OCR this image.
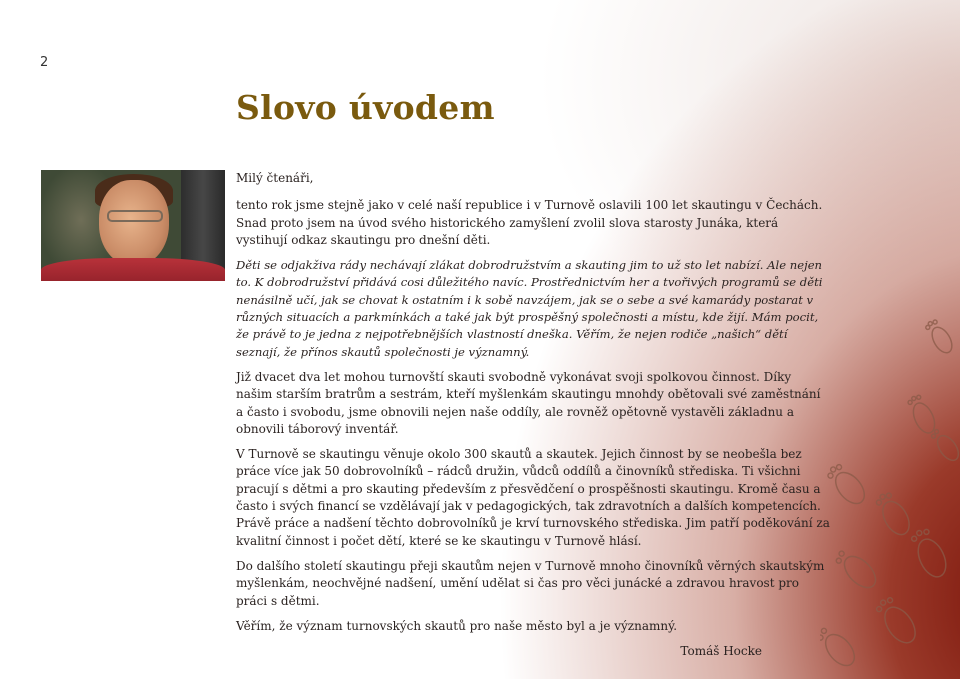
2
Slovo úvodem

Milý čtenáři,

tento rok jsme stejně jako v celé naší republice i v Turnově oslavili 100 let skautingu v Čechách. Snad proto jsem na úvod svého historického zamyšlení zvolil slova starosty Junáka, která vystihují odkaz skautingu pro dnešní děti.

Děti se odjakživa rády nechávají zlákat dobrodružstvím a skauting jim to už sto let nabízí. Ale nejen to. K dobrodružství přidává cosi důležitého navíc. Prostřednictvím her a tvořivých programů se děti nenásilně učí, jak se chovat k ostatním i k sobě navzájem, jak se o sebe a své kamarády postarat v různých situacích a parkmínkách a také jak být prospěšný společnosti a místu, kde žijí. Mám pocit, že právě to je jedna z nejpotřebnějších vlastností dneška. Věřím, že nejen rodiče „našich“ dětí seznají, že přínos skautů společnosti je významný.

Již dvacet dva let mohou turnovští skauti svobodně vykonávat svoji spolkovou činnost. Díky našim starším bratrům a sestrám, kteří myšlenkám skautingu mnohdy obětovali své zaměstnání a často i svobodu, jsme obnovili nejen naše oddíly, ale rovněž opětovně vystavěli základnu a obnovili táborový inventář.

V Turnově se skautingu věnuje okolo 300 skautů a skautek. Jejich činnost by se neobešla bez práce více jak 50 dobrovolníků – rádců družin, vůdců oddílů a činovníků střediska. Ti všichni pracují s dětmi a pro skauting především z přesvědčení o prospěšnosti skautingu. Kromě času a často i svých financí se vzdělávají jak v pedagogických, tak zdravotních a dalších kompetencích. Právě práce a nadšení těchto dobrovolníků je krví turnovského střediska. Jim patří poděkování za kvalitní činnost i počet dětí, které se ke skautingu v Turnově hlásí.

Do dalšího století skautingu přeji skautům nejen v Turnově mnoho činovníků věrných skautským myšlenkám, neochvějné nadšení, umění udělat si čas pro věci junácké a zdravou hravost pro práci s dětmi.

Věřím, že význam turnovských skautů pro naše město byl a je významný.

Tomáš Hocke
